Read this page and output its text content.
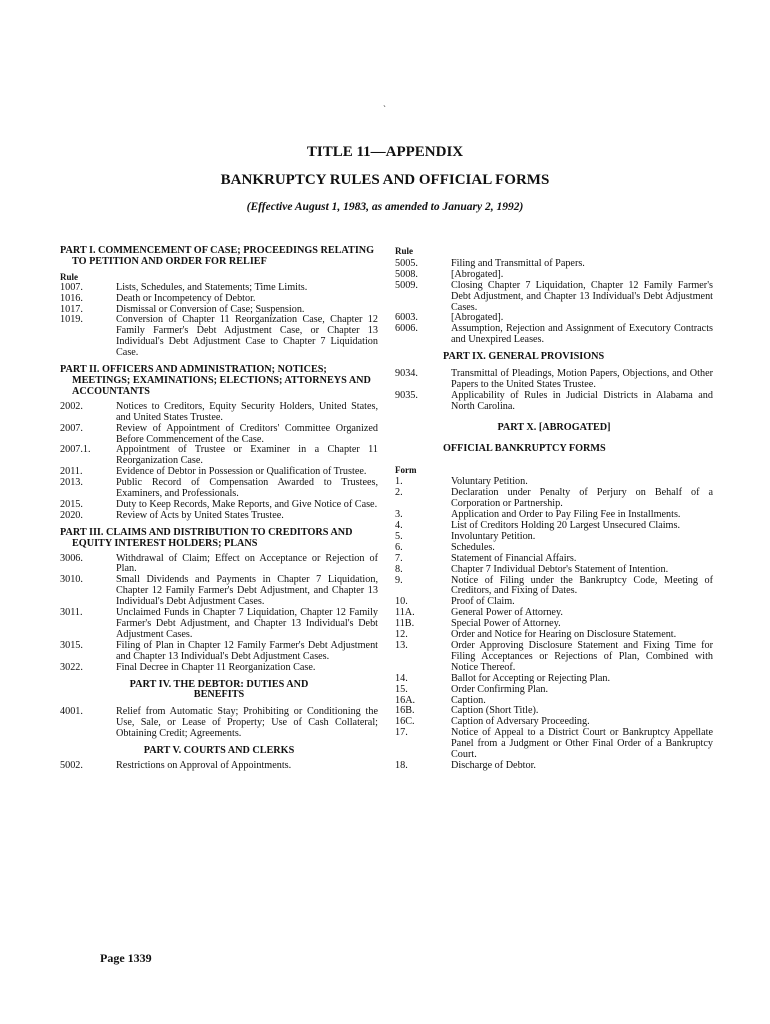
`
TITLE 11—APPENDIX
BANKRUPTCY RULES AND OFFICIAL FORMS
(Effective August 1, 1983, as amended to January 2, 1992)

PART I. COMMENCEMENT OF CASE; PROCEEDINGS RELATING TO PETITION AND ORDER FOR RELIEF

Rule

1007.	Lists, Schedules, and Statements; Time Limits.
1016.	Death or Incompetency of Debtor.
1017.	Dismissal or Conversion of Case; Suspension.
1019.	Conversion of Chapter 11 Reorganization Case, Chapter 12 Family Farmer's Debt Adjustment Case, or Chapter 13 Individual's Debt Adjustment Case to Chapter 7 Liquidation Case.

PART II. OFFICERS AND ADMINISTRATION; NOTICES; MEETINGS; EXAMINATIONS; ELECTIONS; ATTORNEYS AND ACCOUNTANTS

2002.	Notices to Creditors, Equity Security Holders, United States, and United States Trustee.
2007.	Review of Appointment of Creditors' Committee Organized Before Commencement of the Case.
2007.1. Appointment of Trustee or Examiner in a Chapter 11 Reorganization Case.
2011.	Evidence of Debtor in Possession or Qualification of Trustee.
2013.	Public Record of Compensation Awarded to Trustees, Examiners, and Professionals.
2015.	Duty to Keep Records, Make Reports, and Give Notice of Case.
2020.	Review of Acts by United States Trustee.

PART III. CLAIMS AND DISTRIBUTION TO CREDITORS AND EQUITY INTEREST HOLDERS; PLANS

3006.	Withdrawal of Claim; Effect on Acceptance or Rejection of Plan.
3010.	Small Dividends and Payments in Chapter 7 Liquidation, Chapter 12 Family Farmer's Debt Adjustment, and Chapter 13 Individual's Debt Adjustment Cases.
3011.	Unclaimed Funds in Chapter 7 Liquidation, Chapter 12 Family Farmer's Debt Adjustment, and Chapter 13 Individual's Debt Adjustment Cases.
3015.	Filing of Plan in Chapter 12 Family Farmer's Debt Adjustment and Chapter 13 Individual's Debt Adjustment Cases.
3022.	Final Decree in Chapter 11 Reorganization Case.

PART IV. THE DEBTOR: DUTIES AND BENEFITS

4001.	Relief from Automatic Stay; Prohibiting or Conditioning the Use, Sale, or Lease of Property; Use of Cash Collateral; Obtaining Credit; Agreements.

PART V. COURTS AND CLERKS

5002.	Restrictions on Approval of Appointments.

Rule

5005.	Filing and Transmittal of Papers.
5008.	[Abrogated].
5009.	Closing Chapter 7 Liquidation, Chapter 12 Family Farmer's Debt Adjustment, and Chapter 13 Individual's Debt Adjustment Cases.
6003.	[Abrogated].
6006.	Assumption, Rejection and Assignment of Executory Contracts and Unexpired Leases.

PART IX. GENERAL PROVISIONS

9034.	Transmittal of Pleadings, Motion Papers, Objections, and Other Papers to the United States Trustee.
9035.	Applicability of Rules in Judicial Districts in Alabama and North Carolina.

PART X. [ABROGATED]

OFFICIAL BANKRUPTCY FORMS

Form

1.	Voluntary Petition.
2.	Declaration under Penalty of Perjury on Behalf of a Corporation or Partnership.
3.	Application and Order to Pay Filing Fee in Installments.
4.	List of Creditors Holding 20 Largest Unsecured Claims.
5.	Involuntary Petition.
6.	Schedules.
7.	Statement of Financial Affairs.
8.	Chapter 7 Individual Debtor's Statement of Intention.
9.	Notice of Filing under the Bankruptcy Code, Meeting of Creditors, and Fixing of Dates.
10.	Proof of Claim.
11A.	General Power of Attorney.
11B.	Special Power of Attorney.
12.	Order and Notice for Hearing on Disclosure Statement.
13.	Order Approving Disclosure Statement and Fixing Time for Filing Acceptances or Rejections of Plan, Combined with Notice Thereof.
14.	Ballot for Accepting or Rejecting Plan.
15.	Order Confirming Plan.
16A.	Caption.
16B.	Caption (Short Title).
16C.	Caption of Adversary Proceeding.
17.	Notice of Appeal to a District Court or Bankruptcy Appellate Panel from a Judgment or Other Final Order of a Bankruptcy Court.
18.	Discharge of Debtor.
Page 1339
